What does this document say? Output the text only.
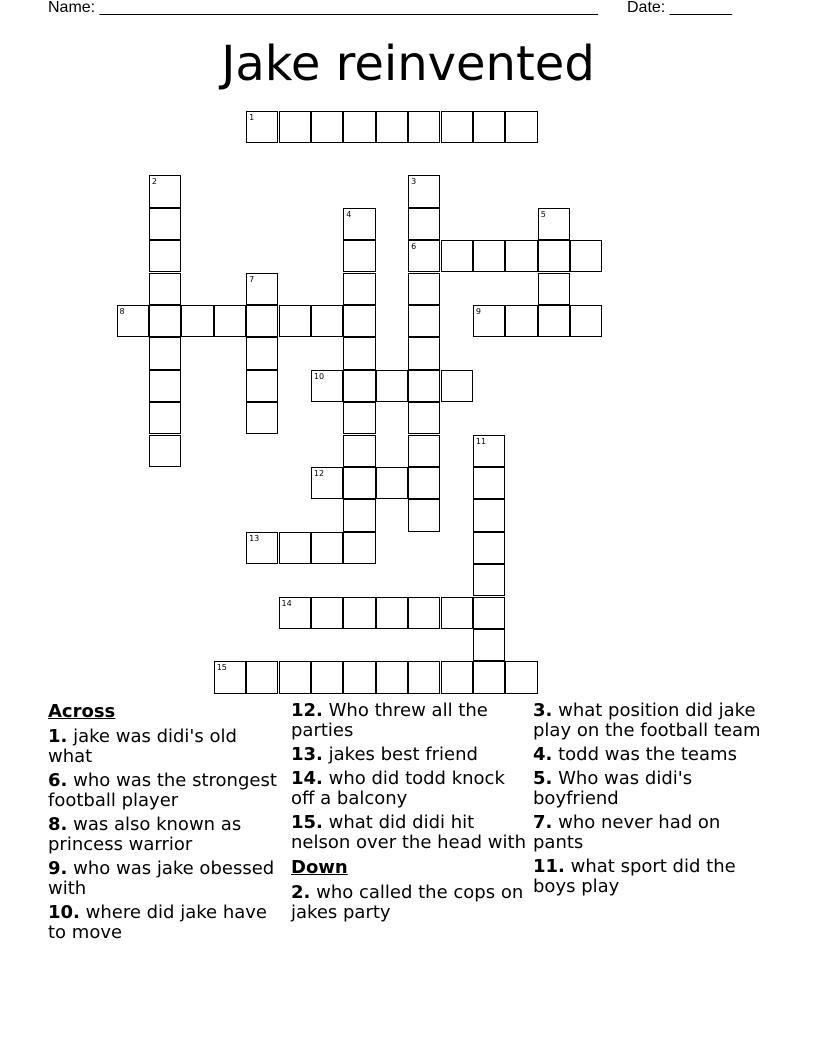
Name: ________________________________________________________ Date: _______
Jake reinvented
1
2	3
6
4	5
7
8	9
10
11
12
13
14
15
Across
1. jake was didi's old what
6. who was the strongest football player
8. was also known as princess warrior
9. who was jake obessed with
10. where did jake have to move
12. Who threw all the parties
13. jakes best friend
14. who did todd knock off a balcony
15. what did didi hit nelson over the head with
Down
2. who called the cops on jakes party
3. what position did jake play on the football team
4. todd was the teams
5. Who was didi's boyfriend
7. who never had on pants
11. what sport did the boys play
